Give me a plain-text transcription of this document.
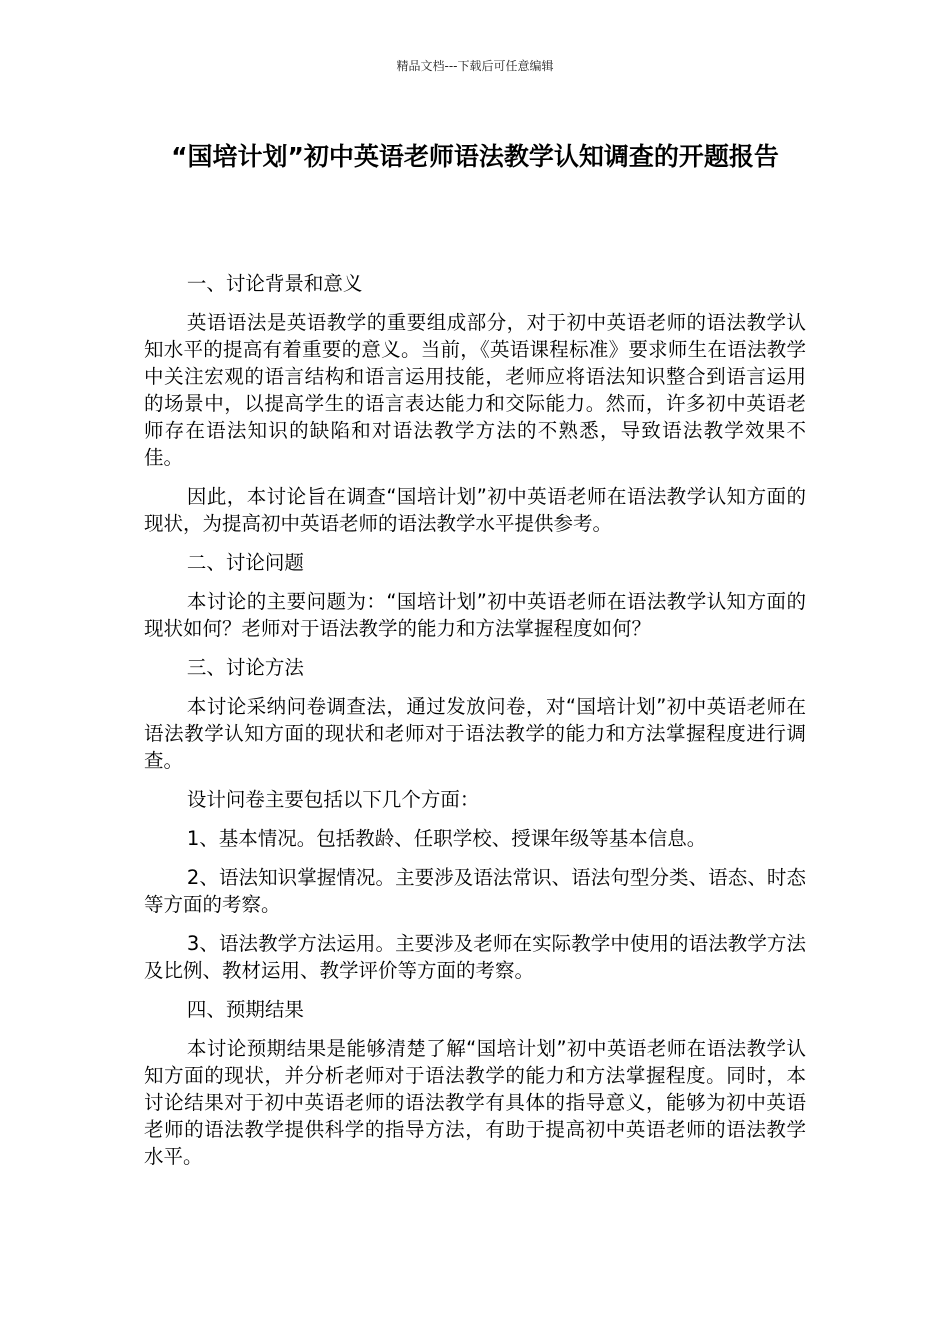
精品文档---下载后可任意编辑
“国培计划”初中英语老师语法教学认知调查的开题报告

一、讨论背景和意义

英语语法是英语教学的重要组成部分，对于初中英语老师的语法教学认知水平的提高有着重要的意义。当前，《英语课程标准》要求师生在语法教学中关注宏观的语言结构和语言运用技能，老师应将语法知识整合到语言运用的场景中，以提高学生的语言表达能力和交际能力。然而，许多初中英语老师存在语法知识的缺陷和对语法教学方法的不熟悉，导致语法教学效果不佳。

因此，本讨论旨在调查“国培计划”初中英语老师在语法教学认知方面的现状，为提高初中英语老师的语法教学水平提供参考。

二、讨论问题

本讨论的主要问题为：“国培计划”初中英语老师在语法教学认知方面的现状如何？老师对于语法教学的能力和方法掌握程度如何？

三、讨论方法

本讨论采纳问卷调查法，通过发放问卷，对“国培计划”初中英语老师在语法教学认知方面的现状和老师对于语法教学的能力和方法掌握程度进行调查。

设计问卷主要包括以下几个方面：

1、基本情况。包括教龄、任职学校、授课年级等基本信息。

2、语法知识掌握情况。主要涉及语法常识、语法句型分类、语态、时态等方面的考察。

3、语法教学方法运用。主要涉及老师在实际教学中使用的语法教学方法及比例、教材运用、教学评价等方面的考察。

四、预期结果

本讨论预期结果是能够清楚了解“国培计划”初中英语老师在语法教学认知方面的现状，并分析老师对于语法教学的能力和方法掌握程度。同时，本讨论结果对于初中英语老师的语法教学有具体的指导意义，能够为初中英语老师的语法教学提供科学的指导方法，有助于提高初中英语老师的语法教学水平。
